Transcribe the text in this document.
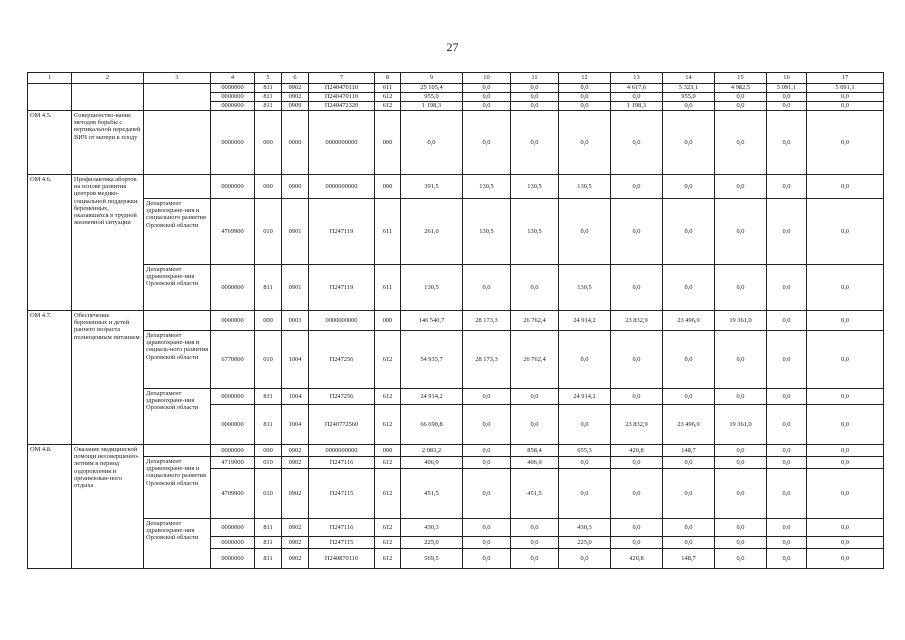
27
1	2	3	4	5	6	7	8	9	10	11	12	13	14	15	16	17
			0000000	811	0902	П240470110	611	25 105,4	0,0	0,0	0,0	4 617,6	5 323,1	4 982,5	5 091,1	5 091,1
			0000000	811	0902	П240470110	612	955,0	0,0	0,0	0,0	0,0	955,0	0,0	0,0	0,0
			0000000	811	0909	П240472320	612	1 198,3	0,0	0,0	0,0	1 198,3	0,0	0,0	0,0	0,0
ОМ 4.5.	Совершенство-вание методов борьбы с вертикальной передачей ВИЧ от матери к плоду		0000000	000	0000	0000000000	000	0,0	0,0	0,0	0,0	0,0	0,0	0,0	0,0	0,0
ОМ 4.6.	Профилактика абортов на основе развития центров медико-социальной поддержки беременных, оказавшихся в трудной жизненной ситуации		0000000	000	0900	0000000000	000	391,5	130,5	130,5	130,5	0,0	0,0	0,0	0,0	0,0
		Департамент здравоохране-ния и социального развития Орловской области	4769900	010	0901	П247119	611	261,0	130,5	130,5	0,0	0,0	0,0	0,0	0,0	0,0
		Департамент здравоохране-ния Орловской области	0000000	811	0901	П247119	611	130,5	0,0	0,0	130,5	0,0	0,0	0,0	0,0	0,0
ОМ 4.7.	Обеспечение беременных и детей раннего возраста полноценным питанием		0000000	000	0003	0000000000	000	146 540,7	28 173,3	26 762,4	24 914,2	23 832,9	23 496,9	19 361,0	0,0	0,0
		Департамент здравоохране-ния и социаль-ного развития Орловской области	6770000	010	1004	П247256	612	54 935,7	28 173,3	26 762,4	0,0	0,0	0,0	0,0	0,0	0,0
		Департамент здравоохране-ния Орловской области	0000000	811	1004	П247256	612	24 914,2	0,0	0,0	24 914,2	0,0	0,0	0,0	0,0	0,0
			0000000	811	1004	П240772560	612	66 690,8	0,0	0,0	0,0	23 832,9	23 496,9	19 361,0	0,0	0,0
ОМ 4.8.	Оказание медицинской помощи несовершенно-летним в период оздоровления и организован-ного отдыха		0000000	000	0902	0000000000	000	2 083,2	0,0	858,4	655,3	420,8	148,7	0,0	0,0	0,0
		Департамент здравоохране-ния и социального развития Орловской области	4719900	010	0902	П247116	612	406,9	0,0	406,9	0,0	0,0	0,0	0,0	0,0	0,0
			4709900	010	0902	П247115	612	451,5	0,0	451,5	0,0	0,0	0,0	0,0	0,0	0,0
		Департамент здравоохране-ния Орловской области	0000000	811	0902	П247116	612	430,3	0,0	0,0	430,3	0,0	0,0	0,0	0,0	0,0
			0000000	811	0902	П247115	612	225,0	0,0	0,0	225,0	0,0	0,0	0,0	0,0	0,0
			0000000	811	0902	П240870110	612	569,5	0,0	0,0	0,0	420,8	148,7	0,0	0,0	0,0
